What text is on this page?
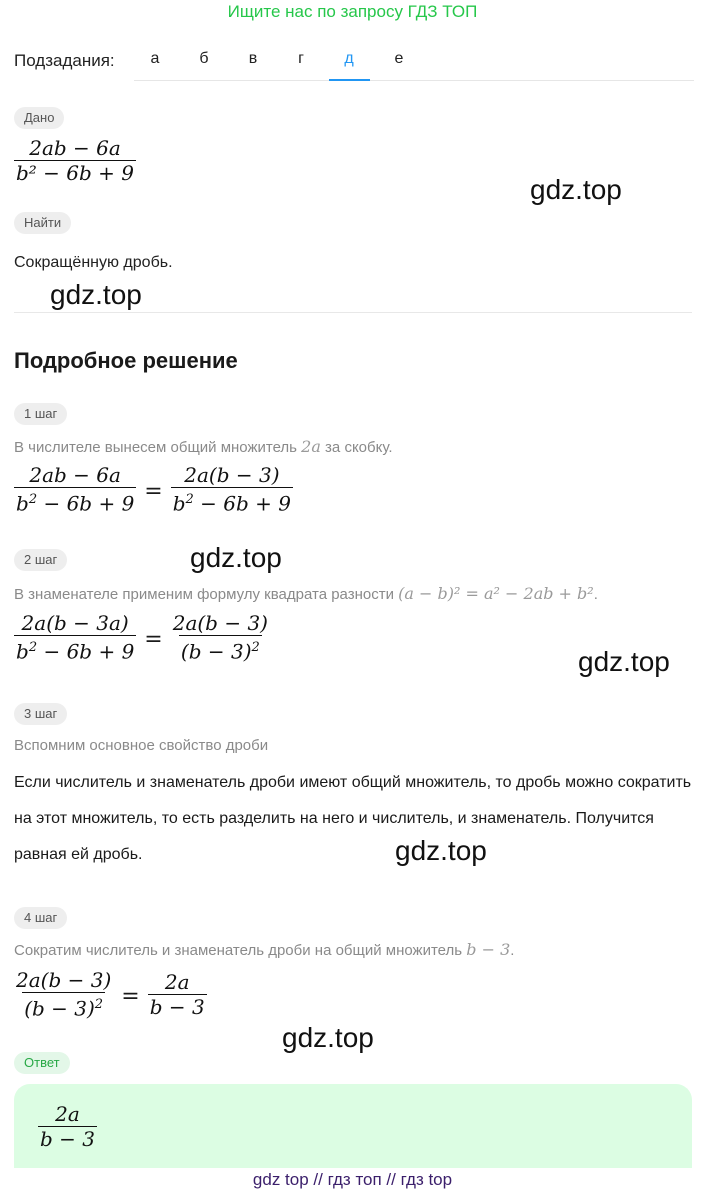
Ищите нас по запросу ГДЗ ТОП
Подзадания:	а	б	в	г	д	е
Дано
$\frac{2ab - 6a}{\text{b² − 6b + 9}}$
Найти
Сокращённую дробь.
Подробное решение
1 шаг
В числителе вынесем общий множитель 2a за скобку.
$\frac{2ab - 6a}{b^2 - 6b + 9} = \frac{2a(b - 3)}{b^2 - 6b + 9}$
2 шаг
В знаменателе применим формулу квадрата разности (a − b)² = a² − 2ab + b².
$\frac{2a(b - 3a)}{b^2 - 6b + 9} = \frac{2a(b - 3)}{(b - 3)^2}$
3 шаг
Вспомним основное свойство дроби
Если числитель и знаменатель дроби имеют общий множитель, то дробь можно сократить на этот множитель, то есть разделить на него и числитель, и знаменатель. Получится равная ей дробь.
4 шаг
Сократим числитель и знаменатель дроби на общий множитель b − 3.
$\frac{2a(b - 3)}{(b - 3)^2} = \frac{2a}{b - 3}$
Ответ
$\frac{2a}{b - 3}$
gdz.top
gdz.top
gdz.top
gdz.top
gdz.top
gdz.top
gdz top // гдз топ // гдз top
